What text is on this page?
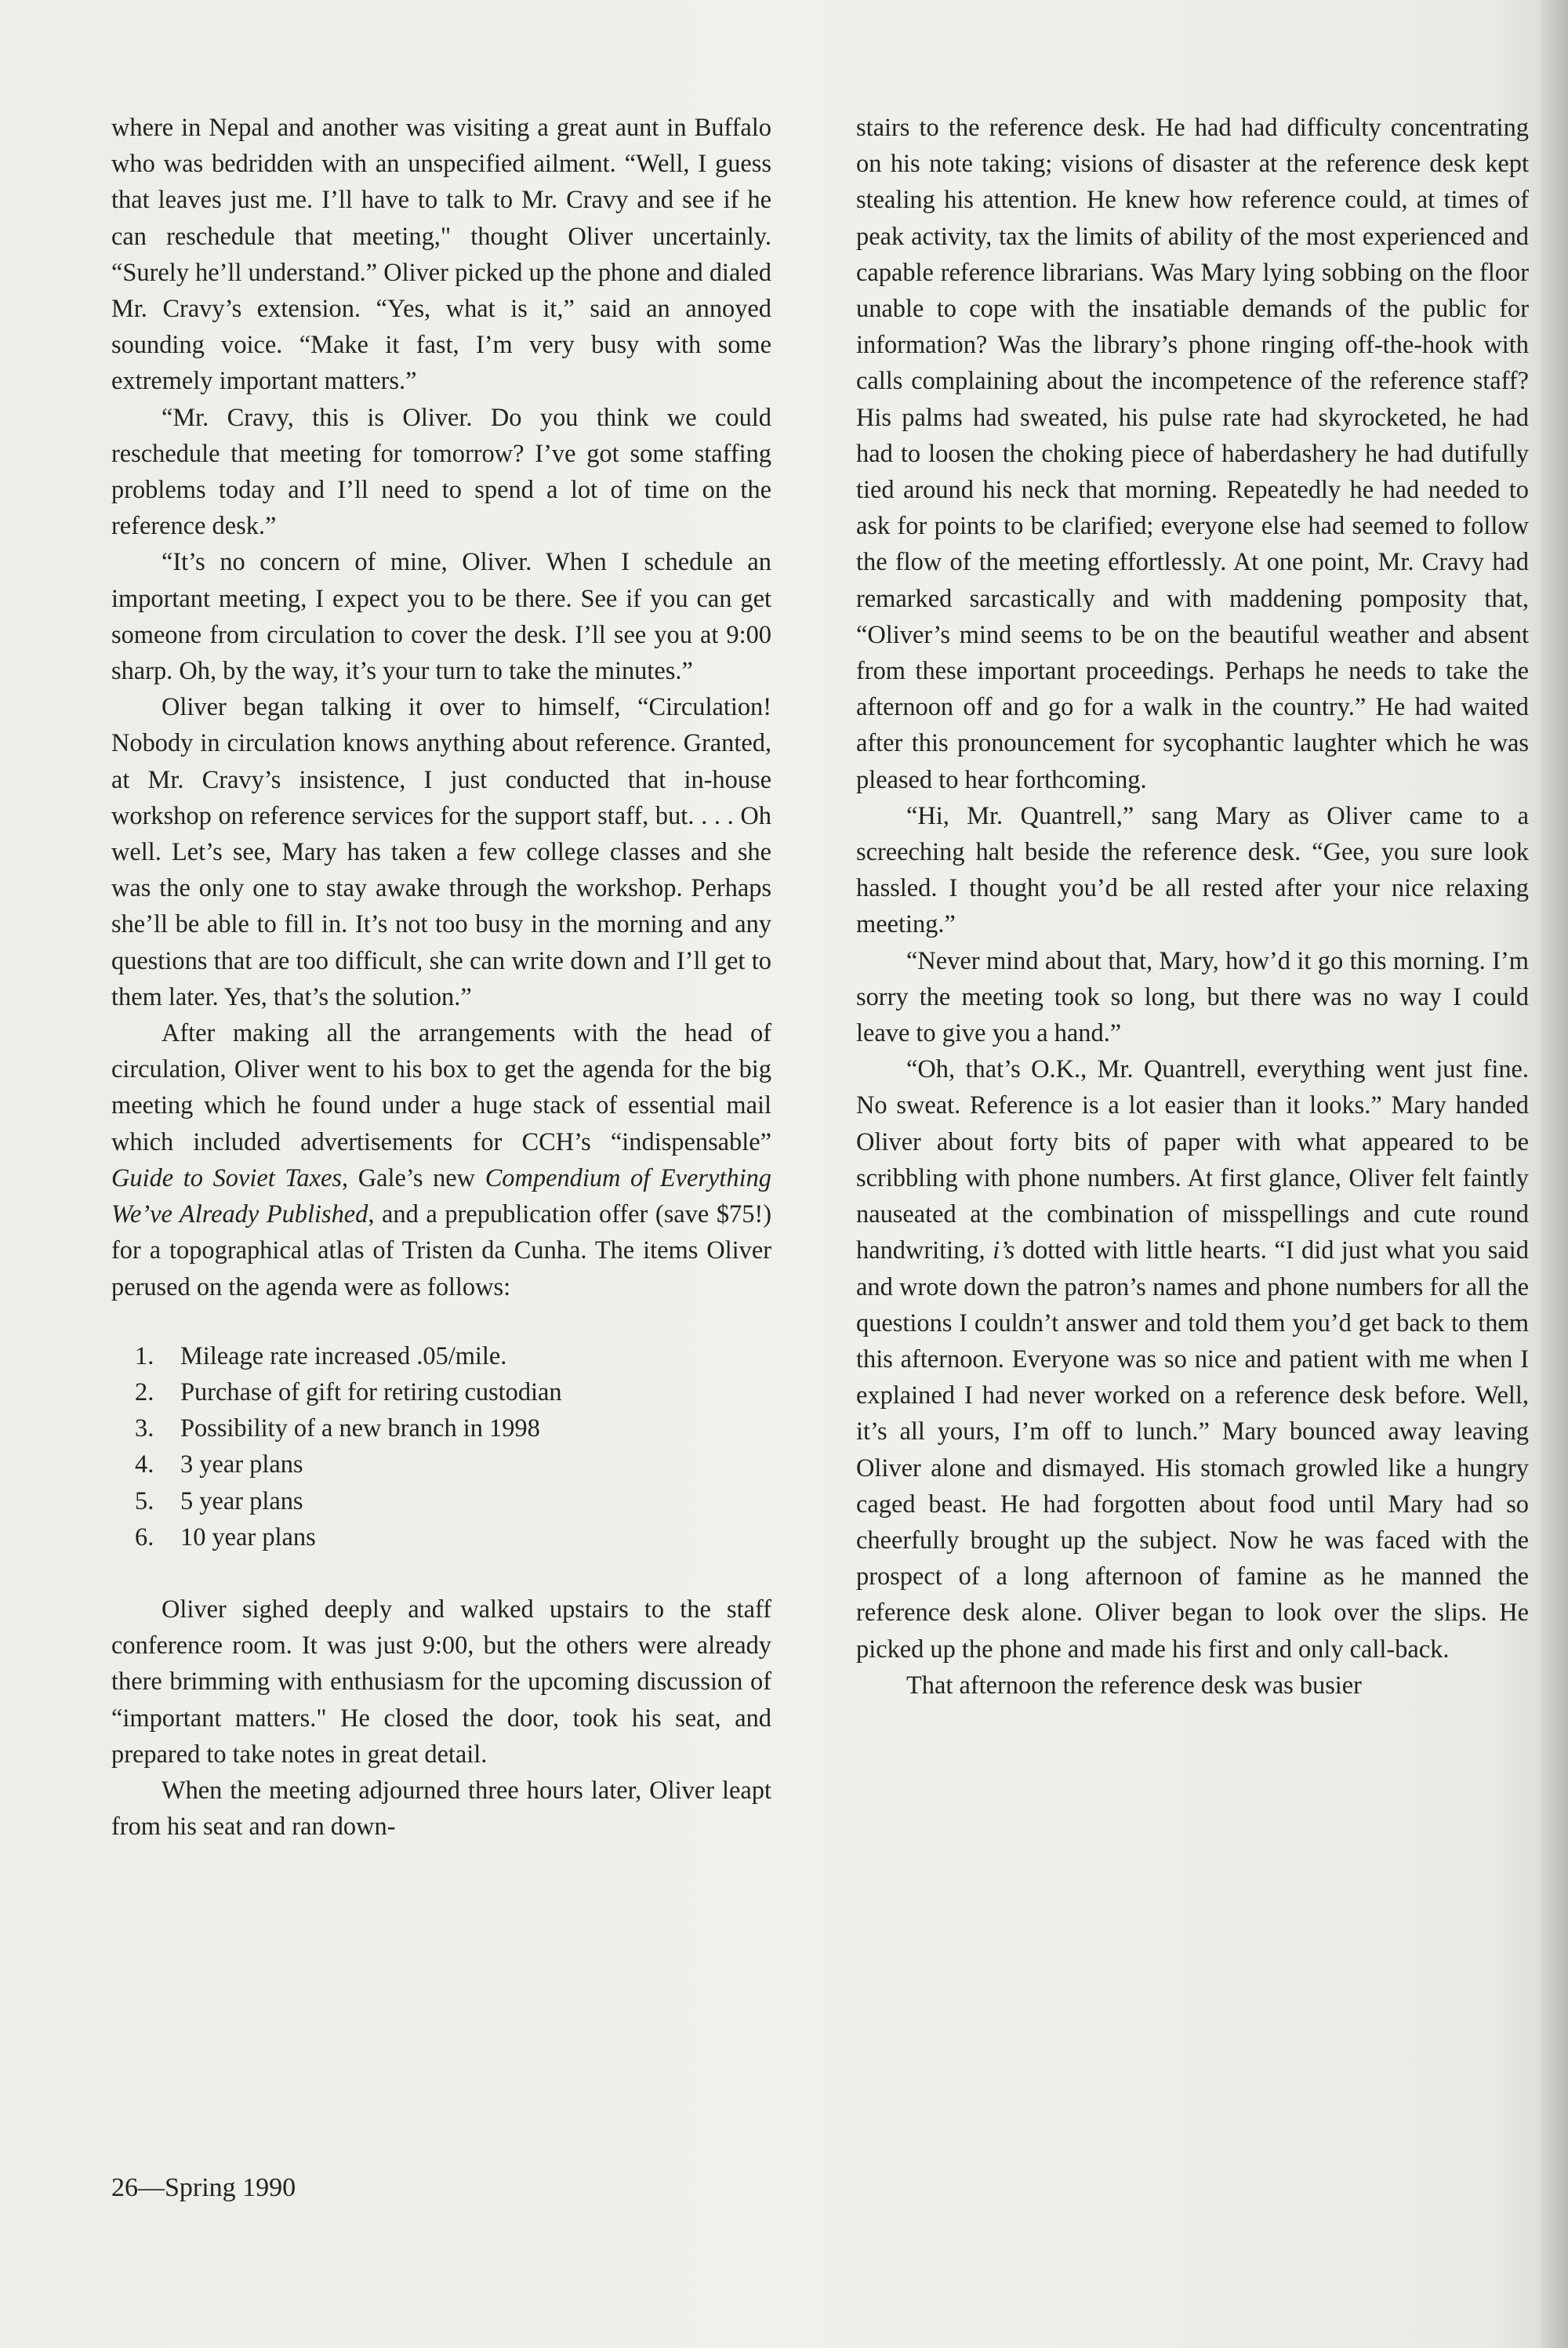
where in Nepal and another was visiting a great aunt in Buffalo who was bedridden with an unspecified ailment. “Well, I guess that leaves just me. I’ll have to talk to Mr. Cravy and see if he can reschedule that meeting," thought Oliver uncertainly. “Surely he’ll understand.” Oliver picked up the phone and dialed Mr. Cravy’s extension. “Yes, what is it,” said an annoyed sounding voice. “Make it fast, I’m very busy with some extremely important matters.”

“Mr. Cravy, this is Oliver. Do you think we could reschedule that meeting for tomorrow? I’ve got some staffing problems today and I’ll need to spend a lot of time on the reference desk.”

“It’s no concern of mine, Oliver. When I schedule an important meeting, I expect you to be there. See if you can get someone from circulation to cover the desk. I’ll see you at 9:00 sharp. Oh, by the way, it’s your turn to take the minutes.”

Oliver began talking it over to himself, “Circulation! Nobody in circulation knows anything about reference. Granted, at Mr. Cravy’s insistence, I just conducted that in-house workshop on reference services for the support staff, but. . . . Oh well. Let’s see, Mary has taken a few college classes and she was the only one to stay awake through the workshop. Perhaps she’ll be able to fill in. It’s not too busy in the morning and any questions that are too difficult, she can write down and I’ll get to them later. Yes, that’s the solution.”

After making all the arrangements with the head of circulation, Oliver went to his box to get the agenda for the big meeting which he found under a huge stack of essential mail which included advertisements for CCH’s “indispensable” Guide to Soviet Taxes, Gale’s new Compendium of Everything We’ve Already Published, and a prepublication offer (save $75!) for a topographical atlas of Tristen da Cunha. The items Oliver perused on the agenda were as follows:

1.	Mileage rate increased .05/mile.
2.	Purchase of gift for retiring custodian
3.	Possibility of a new branch in 1998
4.	3 year plans
5.	5 year plans
6.	10 year plans

Oliver sighed deeply and walked upstairs to the staff conference room. It was just 9:00, but the others were already there brimming with enthusiasm for the upcoming discussion of “important matters." He closed the door, took his seat, and prepared to take notes in great detail.

When the meeting adjourned three hours later, Oliver leapt from his seat and ran down-

stairs to the reference desk. He had had difficulty concentrating on his note taking; visions of disaster at the reference desk kept stealing his attention. He knew how reference could, at times of peak activity, tax the limits of ability of the most experienced and capable reference librarians. Was Mary lying sobbing on the floor unable to cope with the insatiable demands of the public for information? Was the library’s phone ringing off-the-hook with calls complaining about the incompetence of the reference staff? His palms had sweated, his pulse rate had skyrocketed, he had had to loosen the choking piece of haberdashery he had dutifully tied around his neck that morning. Repeatedly he had needed to ask for points to be clarified; everyone else had seemed to follow the flow of the meeting effortlessly. At one point, Mr. Cravy had remarked sarcastically and with maddening pomposity that, “Oliver’s mind seems to be on the beautiful weather and absent from these important proceedings. Perhaps he needs to take the afternoon off and go for a walk in the country.” He had waited after this pronouncement for sycophantic laughter which he was pleased to hear forthcoming.

“Hi, Mr. Quantrell,” sang Mary as Oliver came to a screeching halt beside the reference desk. “Gee, you sure look hassled. I thought you’d be all rested after your nice relaxing meeting.”

“Never mind about that, Mary, how’d it go this morning. I’m sorry the meeting took so long, but there was no way I could leave to give you a hand.”

“Oh, that’s O.K., Mr. Quantrell, everything went just fine. No sweat. Reference is a lot easier than it looks.” Mary handed Oliver about forty bits of paper with what appeared to be scribbling with phone numbers. At first glance, Oliver felt faintly nauseated at the combination of misspellings and cute round handwriting, i’s dotted with little hearts. “I did just what you said and wrote down the patron’s names and phone numbers for all the questions I couldn’t answer and told them you’d get back to them this afternoon. Everyone was so nice and patient with me when I explained I had never worked on a reference desk before. Well, it’s all yours, I’m off to lunch.” Mary bounced away leaving Oliver alone and dismayed. His stomach growled like a hungry caged beast. He had forgotten about food until Mary had so cheerfully brought up the subject. Now he was faced with the prospect of a long afternoon of famine as he manned the reference desk alone. Oliver began to look over the slips. He picked up the phone and made his first and only call-back.

That afternoon the reference desk was busier

26—Spring 1990
